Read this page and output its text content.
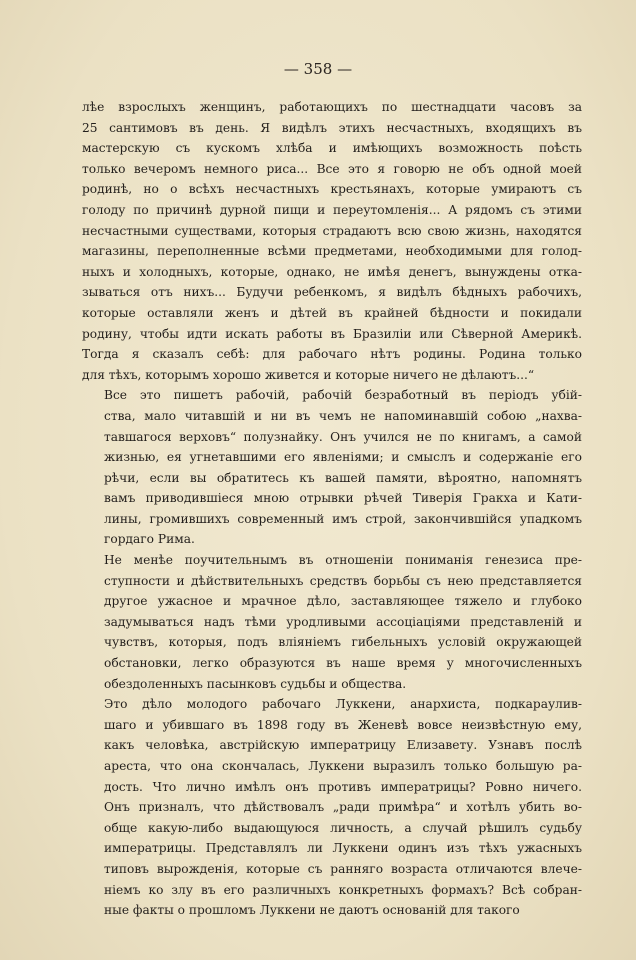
— 358 —

лѣе взрослыхъ женщинъ, работающихъ по шестнадцати часовъ за
25 сантимовъ въ день. Я видѣлъ этихъ несчастныхъ, входящихъ въ
мастерскую съ кускомъ хлѣба и имѣющихъ возможность поѣсть
только вечеромъ немного риса... Все это я говорю не объ одной моей
родинѣ, но о всѣхъ несчастныхъ крестьянахъ, которые умираютъ съ
голоду по причинѣ дурной пищи и переутомленія... А рядомъ съ этими
несчастными существами, которыя страдаютъ всю свою жизнь, находятся
магазины, переполненные всѣми предметами, необходимыми для голод-
ныхъ и холодныхъ, которые, однако, не имѣя денегъ, вынуждены отка-
зываться отъ нихъ... Будучи ребенкомъ, я видѣлъ бѣдныхъ рабочихъ,
которые оставляли женъ и дѣтей въ крайней бѣдности и покидали
родину, чтобы идти искать работы въ Бразиліи или Сѣверной Америкѣ.
Тогда я сказалъ себѣ: для рабочаго нѣтъ родины. Родина только
для тѣхъ, которымъ хорошо живется и которые ничего не дѣлаютъ...“

Все это пишетъ рабочій, рабочій безработный въ періодъ убій-
ства, мало читавшій и ни въ чемъ не напоминавшій собою „нахва-
тавшагося верховъ“ полузнайку. Онъ учился не по книгамъ, а самой
жизнью, ея угнетавшими его явленіями; и смыслъ и содержаніе его
рѣчи, если вы обратитесь къ вашей памяти, вѣроятно, напомнятъ
вамъ приводившіеся мною отрывки рѣчей Тиверія Гракха и Кати-
лины, громившихъ современный имъ строй, закончившійся упадкомъ
гордаго Рима.

Не менѣе поучительнымъ въ отношеніи пониманія генезиса пре-
ступности и дѣйствительныхъ средствъ борьбы съ нею представляется
другое ужасное и мрачное дѣло, заставляющее тяжело и глубоко
задумываться надъ тѣми уродливыми ассоціаціями представленій и
чувствъ, которыя, подъ вліяніемъ гибельныхъ условій окружающей
обстановки, легко образуются въ наше время у многочисленныхъ
обездоленныхъ пасынковъ судьбы и общества.

Это дѣло молодого рабочаго Луккени, анархиста, подкараулив-
шаго и убившаго въ 1898 году въ Женевѣ вовсе неизвѣстную ему,
какъ человѣка, австрійскую императрицу Елизавету. Узнавъ послѣ
ареста, что она скончалась, Луккени выразилъ только большую ра-
дость. Что лично имѣлъ онъ противъ императрицы? Ровно ничего.
Онъ призналъ, что дѣйствовалъ „ради примѣра“ и хотѣлъ убить во-
обще какую-либо выдающуюся личность, а случай рѣшилъ судьбу
императрицы. Представлялъ ли Луккени одинъ изъ тѣхъ ужасныхъ
типовъ вырожденія, которые съ ранняго возраста отличаются влече-
ніемъ ко злу въ его различныхъ конкретныхъ формахъ? Всѣ собран-
ные факты о прошломъ Луккени не даютъ основаній для такого
